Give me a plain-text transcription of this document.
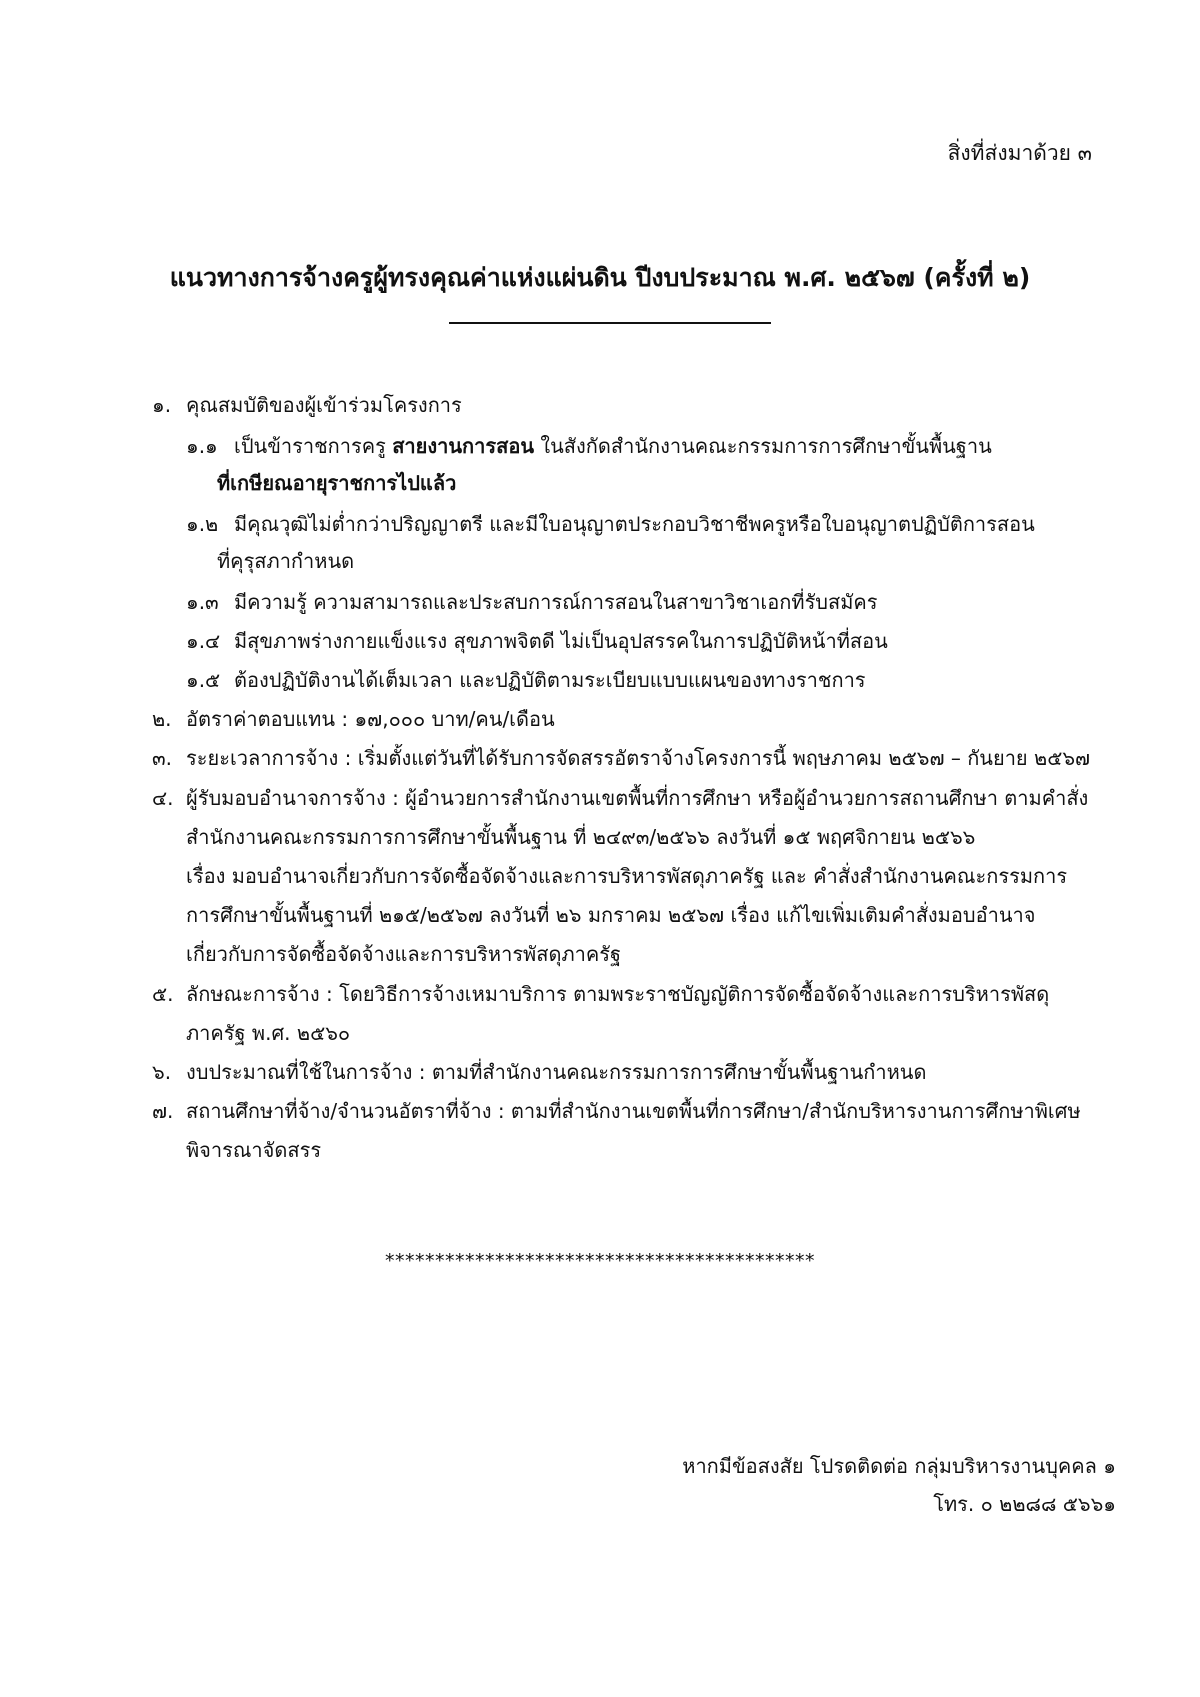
สิ่งที่ส่งมาด้วย ๓
แนวทางการจ้างครูผู้ทรงคุณค่าแห่งแผ่นดิน ปีงบประมาณ พ.ศ. ๒๕๖๗ (ครั้งที่ ๒)
๑. คุณสมบัติของผู้เข้าร่วมโครงการ
๑.๑ เป็นข้าราชการครู สายงานการสอน ในสังกัดสำนักงานคณะกรรมการการศึกษาขั้นพื้นฐาน
ที่เกษียณอายุราชการไปแล้ว
๑.๒ มีคุณวุฒิไม่ต่ำกว่าปริญญาตรี และมีใบอนุญาตประกอบวิชาชีพครูหรือใบอนุญาตปฏิบัติการสอน
ที่คุรุสภากำหนด
๑.๓ มีความรู้ ความสามารถและประสบการณ์การสอนในสาขาวิชาเอกที่รับสมัคร
๑.๔ มีสุขภาพร่างกายแข็งแรง สุขภาพจิตดี ไม่เป็นอุปสรรคในการปฏิบัติหน้าที่สอน
๑.๕ ต้องปฏิบัติงานได้เต็มเวลา และปฏิบัติตามระเบียบแบบแผนของทางราชการ
๒. อัตราค่าตอบแทน : ๑๗,๐๐๐ บาท/คน/เดือน
๓. ระยะเวลาการจ้าง : เริ่มตั้งแต่วันที่ได้รับการจัดสรรอัตราจ้างโครงการนี้ พฤษภาคม ๒๕๖๗ – กันยาย ๒๕๖๗
๔. ผู้รับมอบอำนาจการจ้าง : ผู้อำนวยการสำนักงานเขตพื้นที่การศึกษา หรือผู้อำนวยการสถานศึกษา ตามคำสั่ง
สำนักงานคณะกรรมการการศึกษาขั้นพื้นฐาน ที่ ๒๔๙๓/๒๕๖๖ ลงวันที่ ๑๕ พฤศจิกายน ๒๕๖๖
เรื่อง มอบอำนาจเกี่ยวกับการจัดซื้อจัดจ้างและการบริหารพัสดุภาครัฐ และ คำสั่งสำนักงานคณะกรรมการ
การศึกษาขั้นพื้นฐานที่ ๒๑๕/๒๕๖๗ ลงวันที่ ๒๖ มกราคม ๒๕๖๗ เรื่อง แก้ไขเพิ่มเติมคำสั่งมอบอำนาจ
เกี่ยวกับการจัดซื้อจัดจ้างและการบริหารพัสดุภาครัฐ
๕. ลักษณะการจ้าง : โดยวิธีการจ้างเหมาบริการ ตามพระราชบัญญัติการจัดซื้อจัดจ้างและการบริหารพัสดุ
ภาครัฐ พ.ศ. ๒๕๖๐
๖. งบประมาณที่ใช้ในการจ้าง : ตามที่สำนักงานคณะกรรมการการศึกษาขั้นพื้นฐานกำหนด
๗. สถานศึกษาที่จ้าง/จำนวนอัตราที่จ้าง : ตามที่สำนักงานเขตพื้นที่การศึกษา/สำนักบริหารงานการศึกษาพิเศษ
พิจารณาจัดสรร
*******************************************
หากมีข้อสงสัย โปรดติดต่อ กลุ่มบริหารงานบุคคล ๑
โทร. ๐ ๒๒๘๘ ๕๖๖๑
